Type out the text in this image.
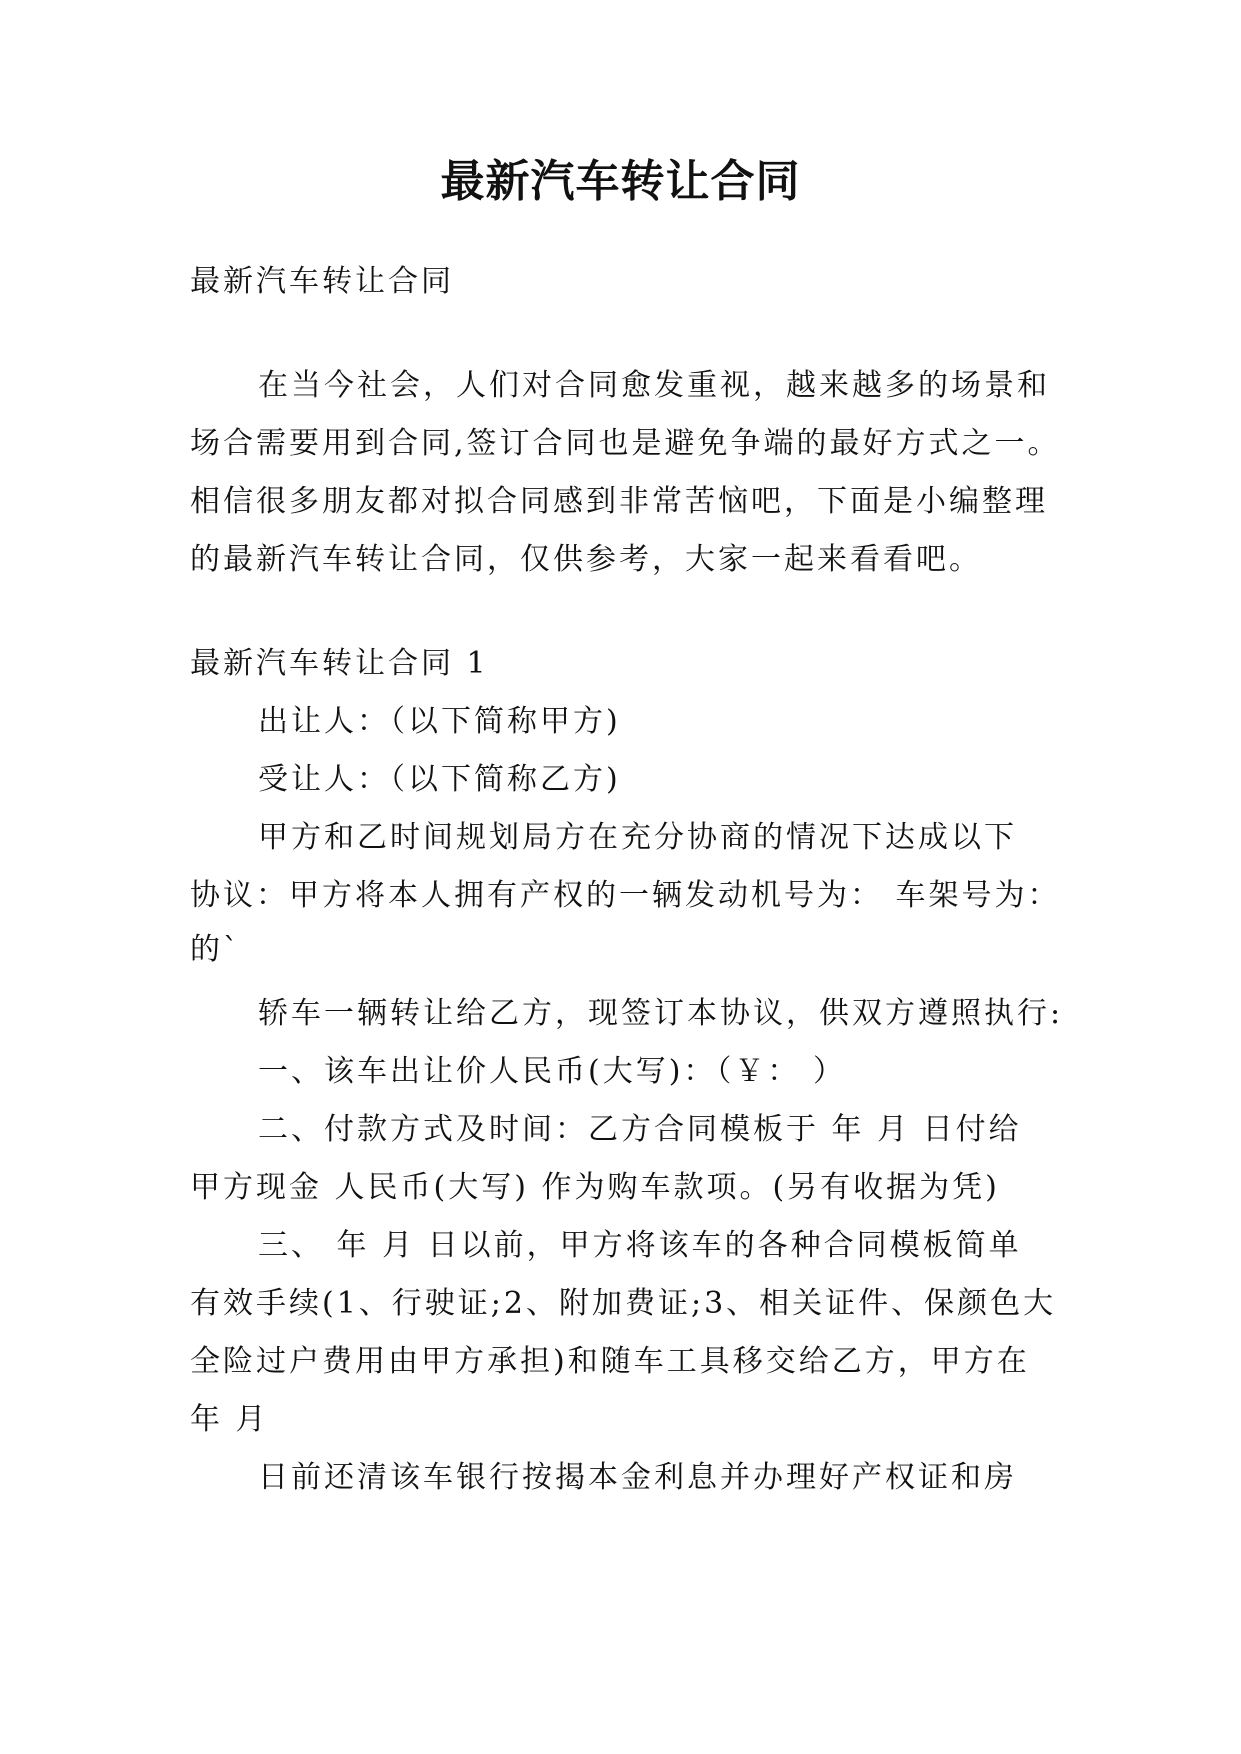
最新汽车转让合同
最新汽车转让合同
在当今社会，人们对合同愈发重视，越来越多的场景和
场合需要用到合同,签订合同也是避免争端的最好方式之一。
相信很多朋友都对拟合同感到非常苦恼吧，下面是小编整理
的最新汽车转让合同，仅供参考，大家一起来看看吧。
最新汽车转让合同 1
出让人：（以下简称甲方)
受让人：（以下简称乙方)
甲方和乙时间规划局方在充分协商的情况下达成以下
协议：甲方将本人拥有产权的一辆发动机号为： 车架号为：
的`
轿车一辆转让给乙方，现签订本协议，供双方遵照执行:
一、该车出让价人民币(大写)：（￥： ）
二、付款方式及时间：乙方合同模板于 年 月 日付给
甲方现金 人民币(大写) 作为购车款项。(另有收据为凭)
三、 年 月 日以前，甲方将该车的各种合同模板简单
有效手续(1、行驶证;2、附加费证;3、相关证件、保颜色大
全险过户费用由甲方承担)和随车工具移交给乙方，甲方在
年 月
日前还清该车银行按揭本金利息并办理好产权证和房
